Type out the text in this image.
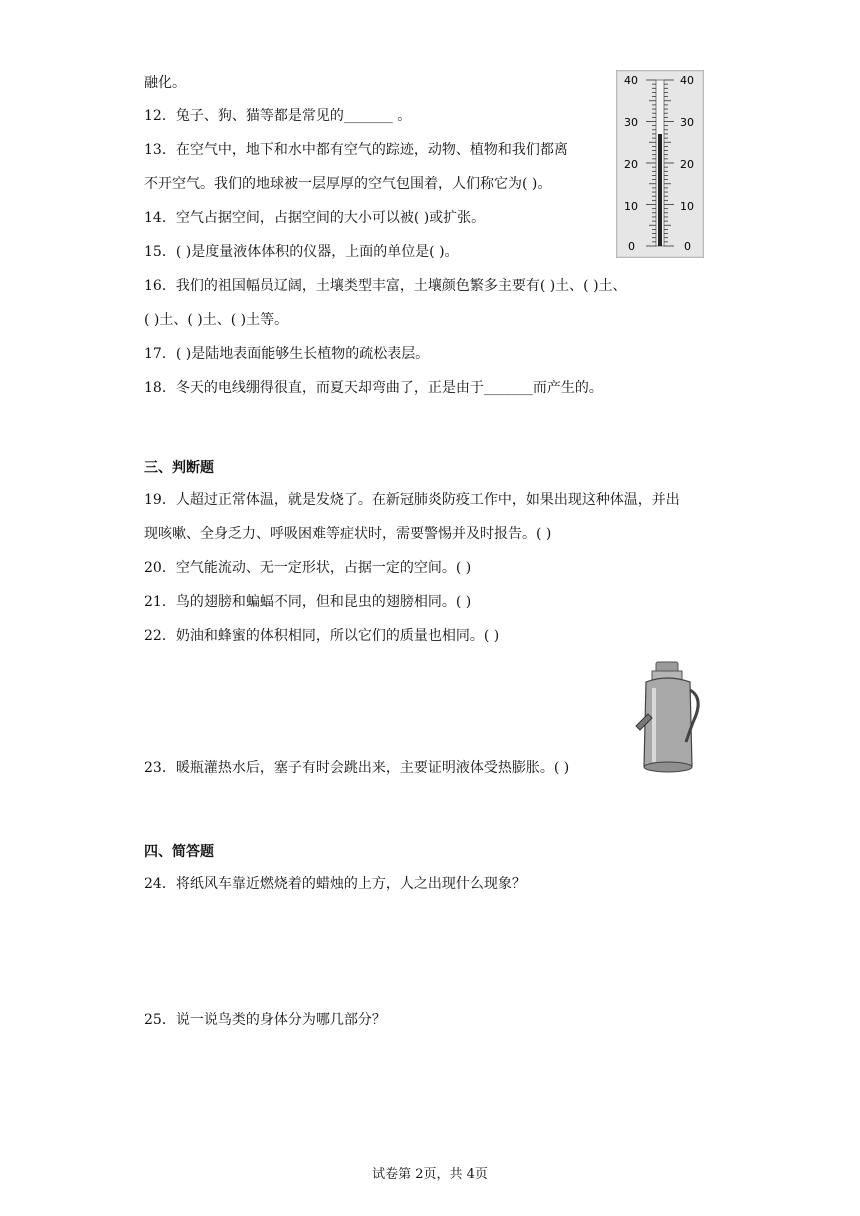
融化。
12．兔子、狗、猫等都是常见的_______ 。
13．在空气中，地下和水中都有空气的踪迹，动物、植物和我们都离
不开空气。我们的地球被一层厚厚的空气包围着，人们称它为( )。
14．空气占据空间，占据空间的大小可以被( )或扩张。
15．( )是度量液体体积的仪器，上面的单位是( )。
16．我们的祖国幅员辽阔，土壤类型丰富，土壤颜色繁多主要有( )土、( )土、
( )土、( )土、( )土等。
17．( )是陆地表面能够生长植物的疏松表层。
18．冬天的电线绷得很直，而夏天却弯曲了，正是由于_______而产生的。
三、判断题
19．人超过正常体温，就是发烧了。在新冠肺炎防疫工作中，如果出现这种体温，并出
现咳嗽、全身乏力、呼吸困难等症状时，需要警惕并及时报告。( )
20．空气能流动、无一定形状，占据一定的空间。( )
21．鸟的翅膀和蝙蝠不同，但和昆虫的翅膀相同。( )
22．奶油和蜂蜜的体积相同，所以它们的质量也相同。( )
23．暖瓶灌热水后，塞子有时会跳出来，主要证明液体受热膨胀。( )
四、简答题
24．将纸风车靠近燃烧着的蜡烛的上方，人之出现什么现象？
25．说一说鸟类的身体分为哪几部分？
试卷第 2页，共 4页
40
30
20
10
0
40
30
20
10
0
